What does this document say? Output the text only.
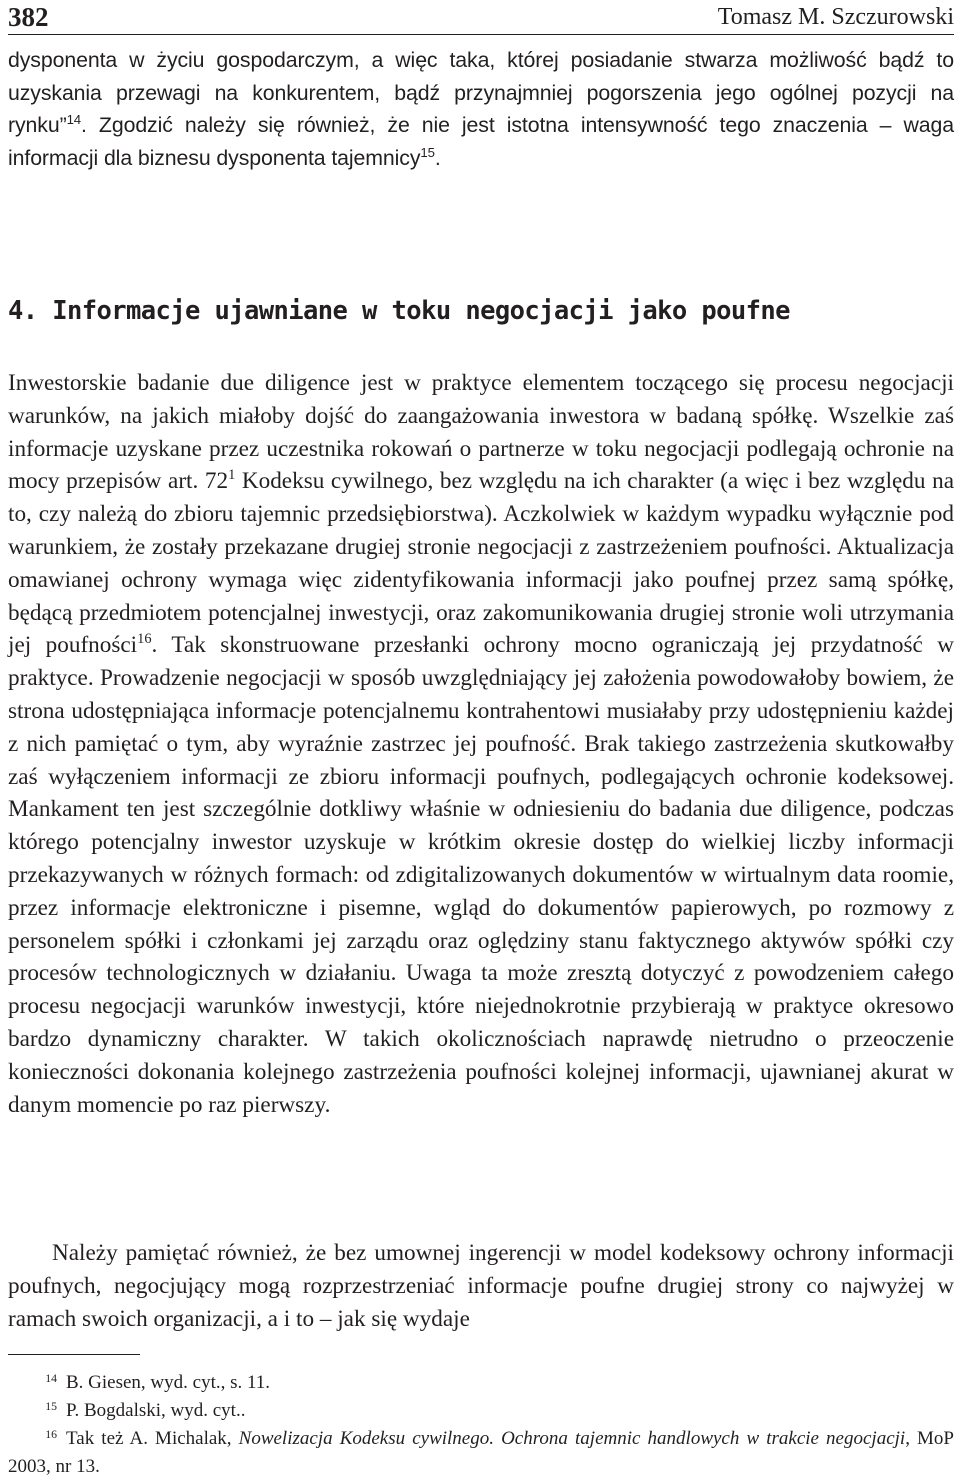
382	Tomasz M. Szczurowski

dysponenta w życiu gospodarczym, a więc taka, której posiadanie stwarza możliwość bądź to uzyskania przewagi na konkurentem, bądź przynajmniej pogorszenia jego ogólnej pozycji na rynku”$^{14}$. Zgodzić należy się również, że nie jest istotna intensywność tego znaczenia – waga informacji dla biznesu dysponenta tajemnicy$^{15}$.

4. Informacje ujawniane w toku negocjacji jako poufne

Inwestorskie badanie due diligence jest w praktyce elementem toczącego się procesu negocjacji warunków, na jakich miałoby dojść do zaangażowania inwestora w badaną spółkę. Wszelkie zaś informacje uzyskane przez uczestnika rokowań o partnerze w toku negocjacji podlegają ochronie na mocy przepisów art. $72^1$ Kodeksu cywilnego, bez względu na ich charakter (a więc i bez względu na to, czy należą do zbioru tajemnic przedsiębiorstwa). Aczkolwiek w każdym wypadku wyłącznie pod warunkiem, że zostały przekazane drugiej stronie negocjacji z zastrzeżeniem poufności. Aktualizacja omawianej ochrony wymaga więc zidentyfikowania informacji jako poufnej przez samą spółkę, będącą przedmiotem potencjalnej inwestycji, oraz zakomunikowania drugiej stronie woli utrzymania jej poufności$^{16}$. Tak skonstruowane przesłanki ochrony mocno ograniczają jej przydatność w praktyce. Prowadzenie negocjacji w sposób uwzględniający jej założenia powodowałoby bowiem, że strona udostępniająca informacje potencjalnemu kontrahentowi musiałaby przy udostępnieniu każdej z nich pamiętać o tym, aby wyraźnie zastrzec jej poufność. Brak takiego zastrzeżenia skutkowałby zaś wyłączeniem informacji ze zbioru informacji poufnych, podlegających ochronie kodeksowej. Mankament ten jest szczególnie dotkliwy właśnie w odniesieniu do badania due diligence, podczas którego potencjalny inwestor uzyskuje w krótkim okresie dostęp do wielkiej liczby informacji przekazywanych w różnych formach: od zdigitalizowanych dokumentów w wirtualnym data roomie, przez informacje elektroniczne i pisemne, wgląd do dokumentów papierowych, po rozmowy z personelem spółki i członkami jej zarządu oraz oględziny stanu faktycznego aktywów spółki czy procesów technologicznych w działaniu. Uwaga ta może zresztą dotyczyć z powodzeniem całego procesu negocjacji warunków inwestycji, które niejednokrotnie przybierają w praktyce okresowo bardzo dynamiczny charakter. W takich okolicznościach naprawdę nietrudno o przeoczenie konieczności dokonania kolejnego zastrzeżenia poufności kolejnej informacji, ujawnianej akurat w danym momencie po raz pierwszy.

Należy pamiętać również, że bez umownej ingerencji w model kodeksowy ochrony informacji poufnych, negocjujący mogą rozprzestrzeniać informacje poufne drugiej strony co najwyżej w ramach swoich organizacji, a i to – jak się wydaje

14 B. Giesen, wyd. cyt., s. 11.

15 P. Bogdalski, wyd. cyt..

16 Tak też A. Michalak, Nowelizacja Kodeksu cywilnego. Ochrona tajemnic handlowych w trakcie negocjacji, MoP 2003, nr 13.
